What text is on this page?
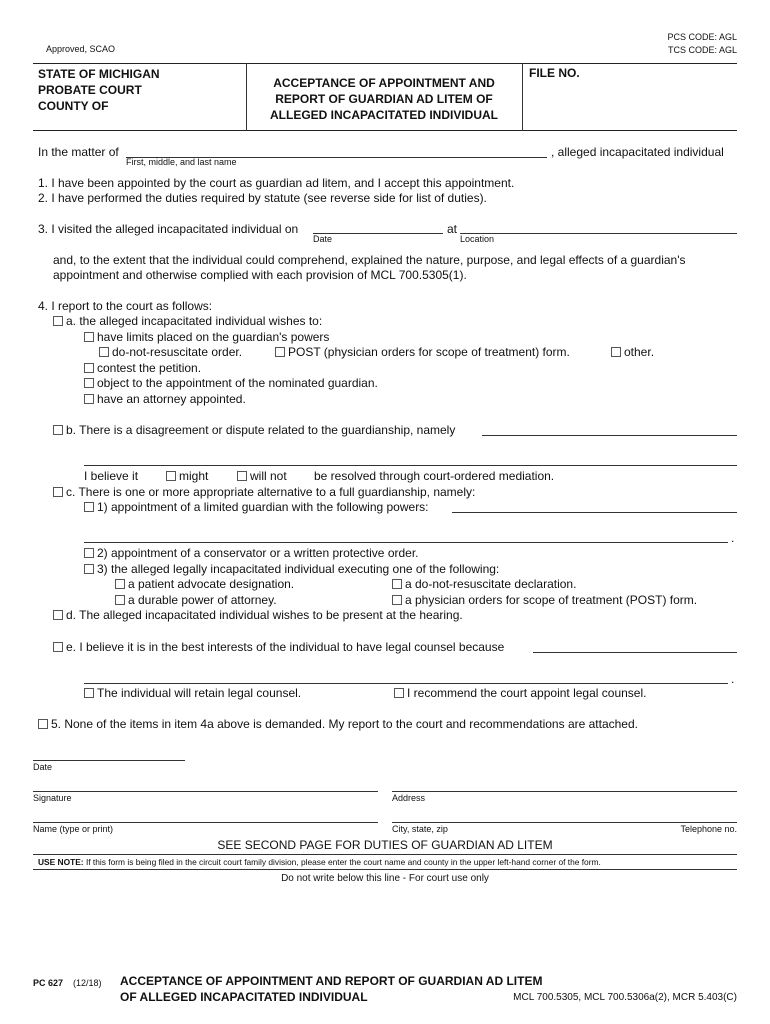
Approved, SCAO
PCS CODE: AGL
TCS CODE: AGL
STATE OF MICHIGAN
PROBATE COURT
COUNTY OF
ACCEPTANCE OF APPOINTMENT AND
REPORT OF GUARDIAN AD LITEM OF
ALLEGED INCAPACITATED INDIVIDUAL
FILE NO.
In the matter of	, alleged incapacitated individual
First, middle, and last name
1. I have been appointed by the court as guardian ad litem, and I accept this appointment.
2. I have performed the duties required by statute (see reverse side for list of duties).
3. I visited the alleged incapacitated individual on	at
Date	Location
and, to the extent that the individual could comprehend, explained the nature, purpose, and legal effects of a guardian's
appointment and otherwise complied with each provision of MCL 700.5305(1).
4. I report to the court as follows:
a. the alleged incapacitated individual wishes to:
have limits placed on the guardian's powers
do-not-resuscitate order.	POST (physician orders for scope of treatment) form.	other.
contest the petition.
object to the appointment of the nominated guardian.
have an attorney appointed.
b. There is a disagreement or dispute related to the guardianship, namely
I believe it	might	will not be resolved through court-ordered mediation.
c. There is one or more appropriate alternative to a full guardianship, namely:
1) appointment of a limited guardian with the following powers:
.
2) appointment of a conservator or a written protective order.
3) the alleged legally incapacitated individual executing one of the following:
a patient advocate designation.	a do-not-resuscitate declaration.
a durable power of attorney.	a physician orders for scope of treatment (POST) form.
d. The alleged incapacitated individual wishes to be present at the hearing.
e. I believe it is in the best interests of the individual to have legal counsel because
.
The individual will retain legal counsel.	I recommend the court appoint legal counsel.
5. None of the items in item 4a above is demanded. My report to the court and recommendations are attached.
Date
Signature	Address
Name (type or print)	City, state, zip	Telephone no.
SEE SECOND PAGE FOR DUTIES OF GUARDIAN AD LITEM
USE NOTE: If this form is being filed in the circuit court family division, please enter the court name and county in the upper left-hand corner of the form.
Do not write below this line - For court use only
PC 627 (12/18) ACCEPTANCE OF APPOINTMENT AND REPORT OF GUARDIAN AD LITEM
OF ALLEGED INCAPACITATED INDIVIDUAL	MCL 700.5305, MCL 700.5306a(2), MCR 5.403(C)
